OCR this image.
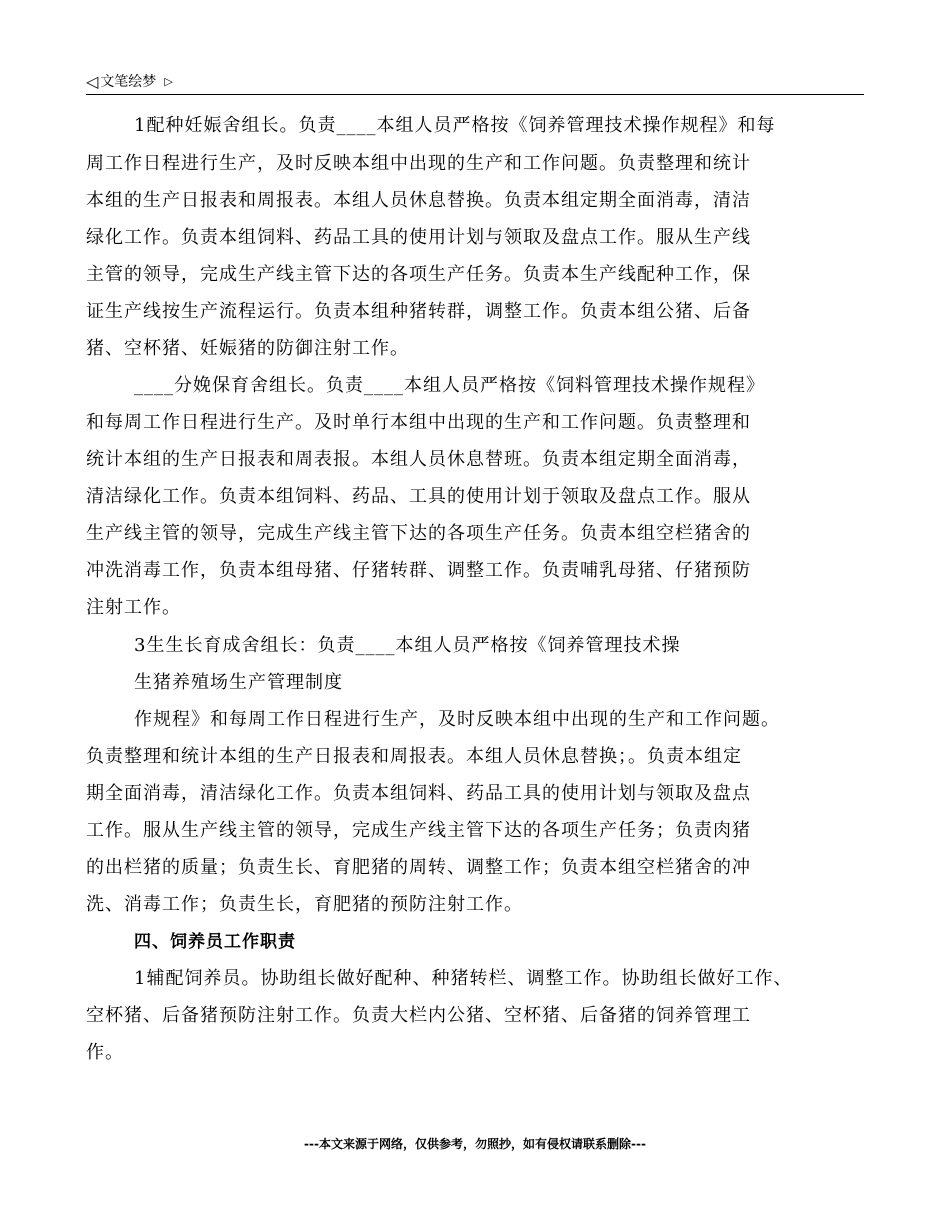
◁ 文笔绘梦 ▷
1配种妊娠舍组长。负责____本组人员严格按《饲养管理技术操作规程》和每
周工作日程进行生产，及时反映本组中出现的生产和工作问题。负责整理和统计
本组的生产日报表和周报表。本组人员休息替换。负责本组定期全面消毒，清洁
绿化工作。负责本组饲料、药品工具的使用计划与领取及盘点工作。服从生产线
主管的领导，完成生产线主管下达的各项生产任务。负责本生产线配种工作，保
证生产线按生产流程运行。负责本组种猪转群，调整工作。负责本组公猪、后备
猪、空杯猪、妊娠猪的防御注射工作。
____分娩保育舍组长。负责____本组人员严格按《饲料管理技术操作规程》
和每周工作日程进行生产。及时单行本组中出现的生产和工作问题。负责整理和
统计本组的生产日报表和周表报。本组人员休息替班。负责本组定期全面消毒，
清洁绿化工作。负责本组饲料、药品、工具的使用计划于领取及盘点工作。服从
生产线主管的领导，完成生产线主管下达的各项生产任务。负责本组空栏猪舍的
冲洗消毒工作，负责本组母猪、仔猪转群、调整工作。负责哺乳母猪、仔猪预防
注射工作。
3生生长育成舍组长：负责____本组人员严格按《饲养管理技术操
生猪养殖场生产管理制度
作规程》和每周工作日程进行生产，及时反映本组中出现的生产和工作问题。
负责整理和统计本组的生产日报表和周报表。本组人员休息替换；。负责本组定
期全面消毒，清洁绿化工作。负责本组饲料、药品工具的使用计划与领取及盘点
工作。服从生产线主管的领导，完成生产线主管下达的各项生产任务；负责肉猪
的出栏猪的质量；负责生长、育肥猪的周转、调整工作；负责本组空栏猪舍的冲
洗、消毒工作；负责生长，育肥猪的预防注射工作。
四、饲养员工作职责
1辅配饲养员。协助组长做好配种、种猪转栏、调整工作。协助组长做好工作、
空杯猪、后备猪预防注射工作。负责大栏内公猪、空杯猪、后备猪的饲养管理工
作。
---本文来源于网络，仅供参考，勿照抄，如有侵权请联系删除---
